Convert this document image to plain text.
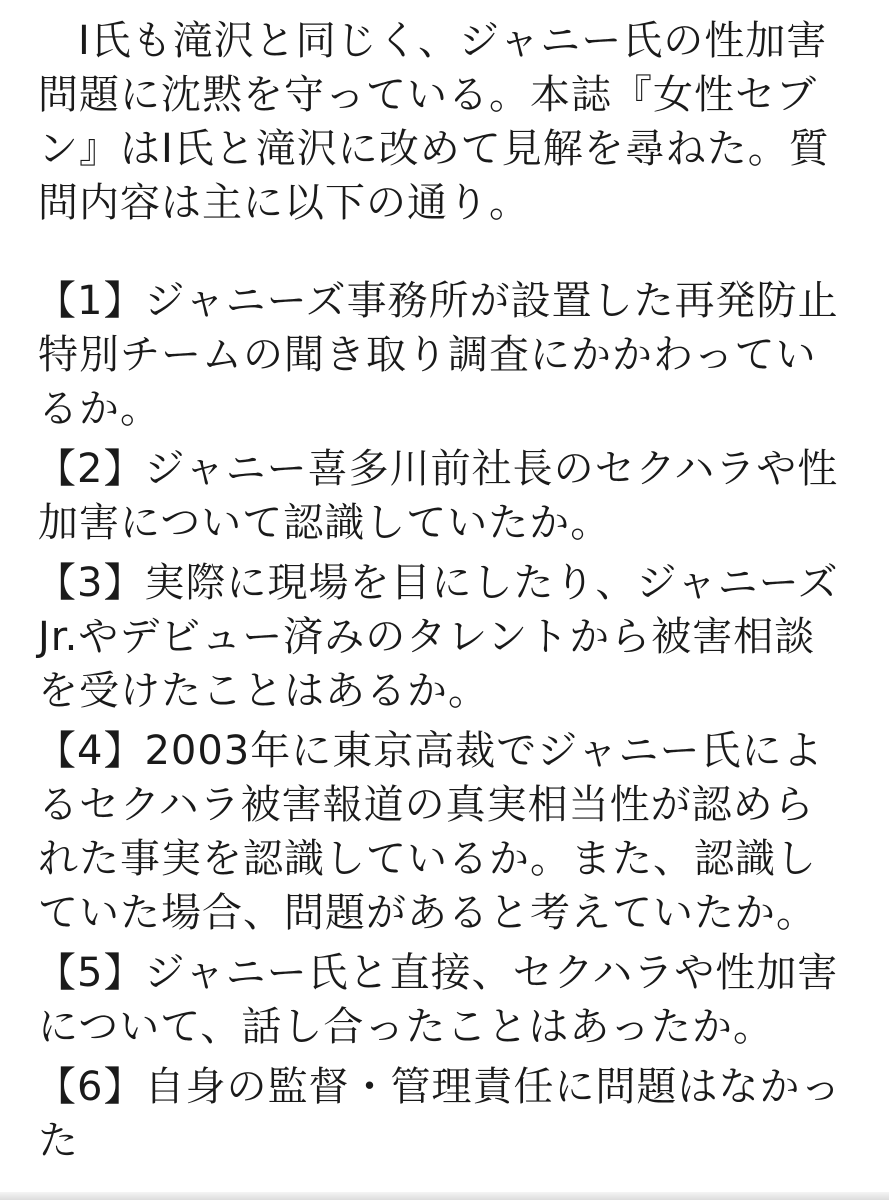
I氏も滝沢と同じく、ジャニー氏の性加害問題に沈黙を守っている。本誌『女性セブン』はI氏と滝沢に改めて見解を尋ねた。質問内容は主に以下の通り。

【1】ジャニーズ事務所が設置した再発防止特別チームの聞き取り調査にかかわっているか。

【2】ジャニー喜多川前社長のセクハラや性加害について認識していたか。

【3】実際に現場を目にしたり、ジャニーズJr.やデビュー済みのタレントから被害相談を受けたことはあるか。

【4】2003年に東京高裁でジャニー氏によるセクハラ被害報道の真実相当性が認められた事実を認識しているか。また、認識していた場合、問題があると考えていたか。

【5】ジャニー氏と直接、セクハラや性加害について、話し合ったことはあったか。

【6】自身の監督・管理責任に問題はなかった
